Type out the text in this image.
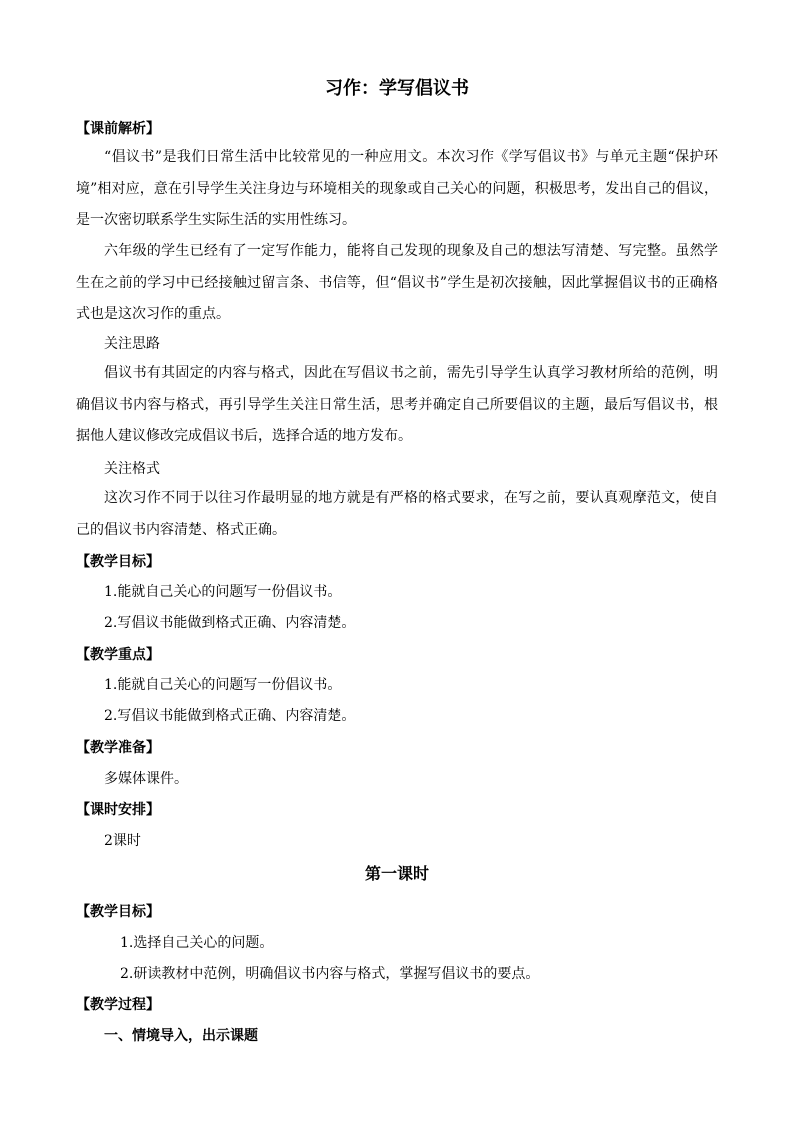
习作：学写倡议书
【课前解析】
“倡议书”是我们日常生活中比较常见的一种应用文。本次习作《学写倡议书》与单元主题“保护环境”相对应，意在引导学生关注身边与环境相关的现象或自己关心的问题，积极思考，发出自己的倡议，是一次密切联系学生实际生活的实用性练习。
六年级的学生已经有了一定写作能力，能将自己发现的现象及自己的想法写清楚、写完整。虽然学生在之前的学习中已经接触过留言条、书信等，但“倡议书”学生是初次接触，因此掌握倡议书的正确格式也是这次习作的重点。
关注思路
倡议书有其固定的内容与格式，因此在写倡议书之前，需先引导学生认真学习教材所给的范例，明确倡议书内容与格式，再引导学生关注日常生活，思考并确定自己所要倡议的主题，最后写倡议书，根据他人建议修改完成倡议书后，选择合适的地方发布。
关注格式
这次习作不同于以往习作最明显的地方就是有严格的格式要求，在写之前，要认真观摩范文，使自己的倡议书内容清楚、格式正确。
【教学目标】
1.能就自己关心的问题写一份倡议书。
2.写倡议书能做到格式正确、内容清楚。
【教学重点】
1.能就自己关心的问题写一份倡议书。
2.写倡议书能做到格式正确、内容清楚。
【教学准备】
多媒体课件。
【课时安排】
2课时
第一课时
【教学目标】
1.选择自己关心的问题。
2.研读教材中范例，明确倡议书内容与格式，掌握写倡议书的要点。
【教学过程】
一、情境导入，出示课题
